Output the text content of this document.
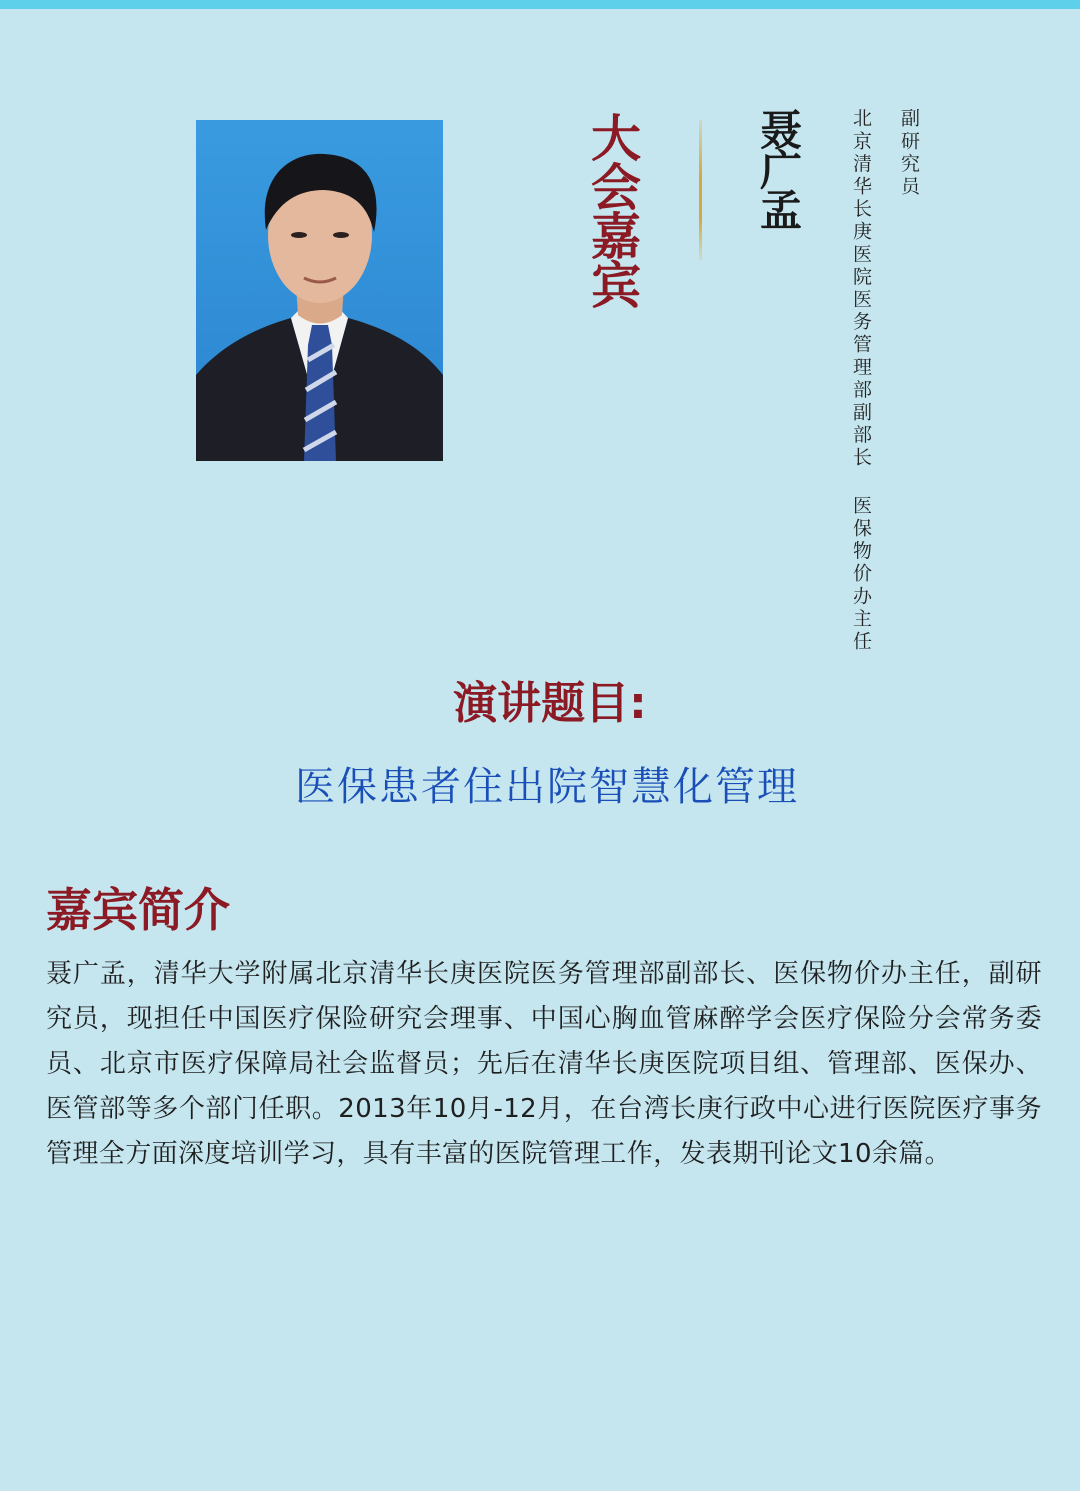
大会嘉宾	聂广孟 北京清华长庚医院医务管理部副部长 医保物价办主任 副研究员
演讲题目:
医保患者住出院智慧化管理
嘉宾简介
聂广孟，清华大学附属北京清华长庚医院医务管理部副部长、医保物价办主任，副研究员，现担任中国医疗保险研究会理事、中国心胸血管麻醉学会医疗保险分会常务委员、北京市医疗保障局社会监督员；先后在清华长庚医院项目组、管理部、医保办、医管部等多个部门任职。2013年10月-12月，在台湾长庚行政中心进行医院医疗事务管理全方面深度培训学习，具有丰富的医院管理工作，发表期刊论文10余篇。
